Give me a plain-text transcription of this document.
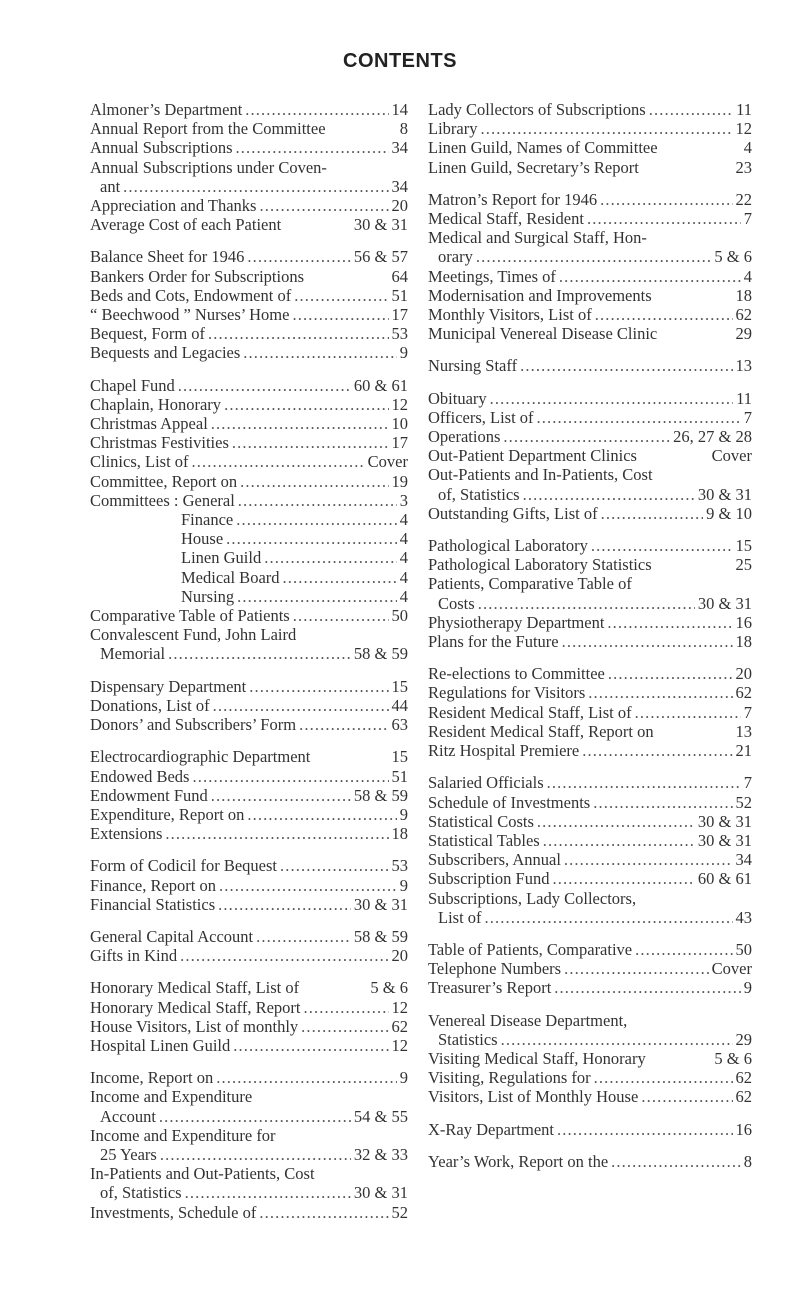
CONTENTS
Almoner’s Department . . .	14
Annual Report from the Committee	8
Annual Subscriptions . . .	34
Annual Subscriptions under Coven-
ant . . .	34
Appreciation and Thanks . . .	20
Average Cost of each Patient	30 & 31
Balance Sheet for 1946 . . .	56 & 57
Bankers Order for Subscriptions	64
Beds and Cots, Endowment of . . .	51
“ Beechwood ” Nurses’ Home . . .	17
Bequest, Form of . . .	53
Bequests and Legacies . . .	9
Chapel Fund . . .	60 & 61
Chaplain, Honorary . . .	12
Christmas Appeal . . .	10
Christmas Festivities . . .	17
Clinics, List of . . .	Cover
Committee, Report on . . .	19
Committees : General . . .	3
Finance . . .	4
House . . .	4
Linen Guild . . .	4
Medical Board . . .	4
Nursing . . .	4
Comparative Table of Patients . . .	50
Convalescent Fund, John Laird
Memorial . . .	58 & 59
Dispensary Department . . .	15
Donations, List of . . .	44
Donors’ and Subscribers’ Form . . .	63
Electrocardiographic Department	15
Endowed Beds . . .	51
Endowment Fund . . .	58 & 59
Expenditure, Report on . . .	9
Extensions . . .	18
Form of Codicil for Bequest . . .	53
Finance, Report on . . .	9
Financial Statistics . . .	30 & 31
General Capital Account . . .	58 & 59
Gifts in Kind . . .	20
Honorary Medical Staff, List of	5 & 6
Honorary Medical Staff, Report . . .	12
House Visitors, List of monthly . . .	62
Hospital Linen Guild . . .	12
Income, Report on . . .	9
Income and Expenditure
Account . . .	54 & 55
Income and Expenditure for
25 Years . . .	32 & 33
In-Patients and Out-Patients, Cost
of, Statistics . . .	30 & 31
Investments, Schedule of . . .	52
Lady Collectors of Subscriptions . . .	11
Library . . .	12
Linen Guild, Names of Committee	4
Linen Guild, Secretary’s Report	23
Matron’s Report for 1946 . . .	22
Medical Staff, Resident . . .	7
Medical and Surgical Staff, Hon-
orary . . .	5 & 6
Meetings, Times of . . .	4
Modernisation and Improvements	18
Monthly Visitors, List of . . .	62
Municipal Venereal Disease Clinic	29
Nursing Staff . . .	13
Obituary . . .	11
Officers, List of . . .	7
Operations . . .	26, 27 & 28
Out-Patient Department Clinics	Cover
Out-Patients and In-Patients, Cost
of, Statistics . . .	30 & 31
Outstanding Gifts, List of . . .	9 & 10
Pathological Laboratory . . .	15
Pathological Laboratory Statistics	25
Patients, Comparative Table of
Costs . . .	30 & 31
Physiotherapy Department . . .	16
Plans for the Future . . .	18
Re-elections to Committee . . .	20
Regulations for Visitors . . .	62
Resident Medical Staff, List of . . .	7
Resident Medical Staff, Report on	13
Ritz Hospital Premiere . . .	21
Salaried Officials . . .	7
Schedule of Investments . . .	52
Statistical Costs . . .	30 & 31
Statistical Tables . . .	30 & 31
Subscribers, Annual . . .	34
Subscription Fund . . .	60 & 61
Subscriptions, Lady Collectors,
List of . . .	43
Table of Patients, Comparative . . .	50
Telephone Numbers . . .	Cover
Treasurer’s Report . . .	9
Venereal Disease Department,
Statistics . . .	29
Visiting Medical Staff, Honorary	5 & 6
Visiting, Regulations for . . .	62
Visitors, List of Monthly House . . .	62
X-Ray Department . . .	16
Year’s Work, Report on the . . .	8
